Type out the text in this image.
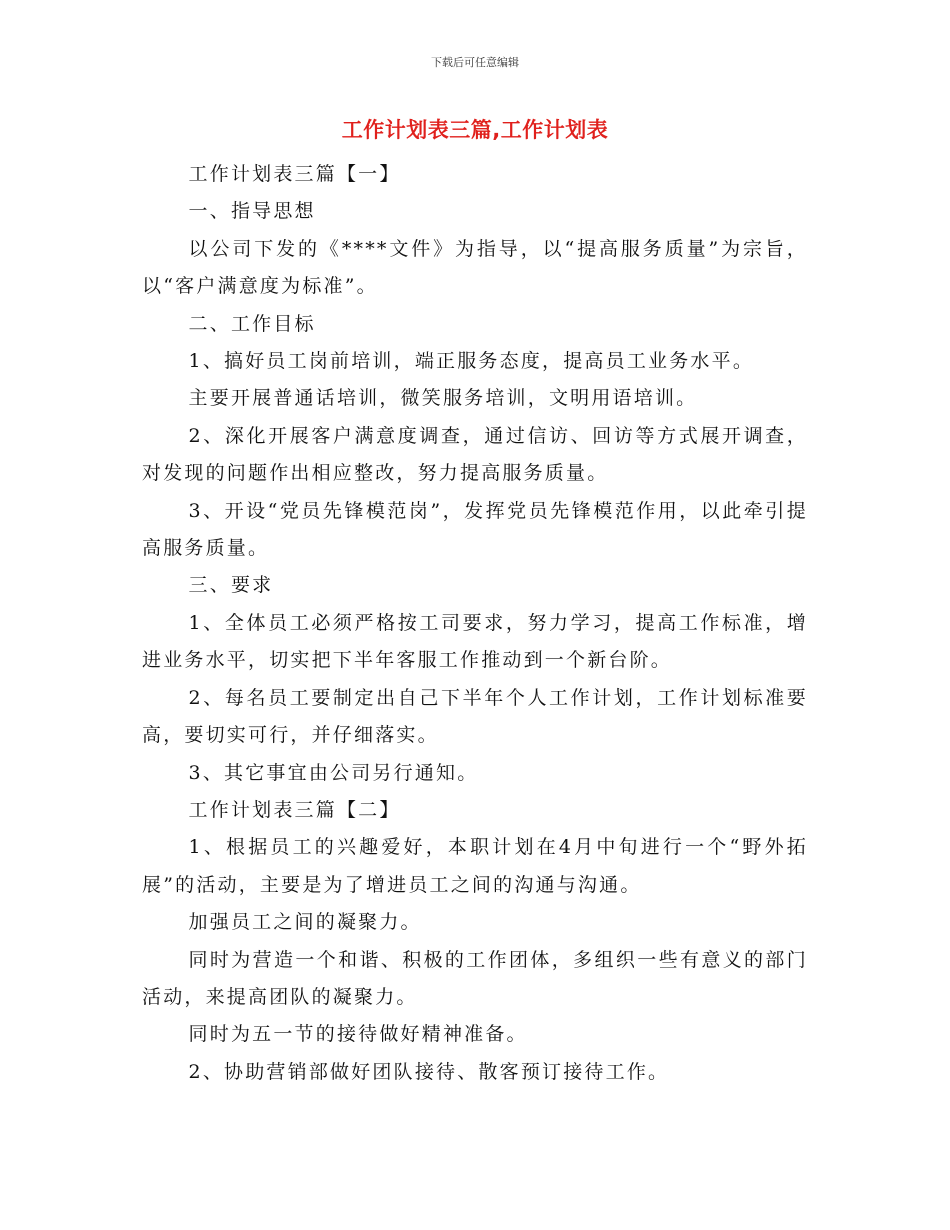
下载后可任意编辑
工作计划表三篇,工作计划表

工作计划表三篇【一】

一、指导思想

以公司下发的《****文件》为指导，以“提高服务质量”为宗旨，以“客户满意度为标准”。

二、工作目标

1、搞好员工岗前培训，端正服务态度，提高员工业务水平。

主要开展普通话培训，微笑服务培训，文明用语培训。

2、深化开展客户满意度调查，通过信访、回访等方式展开调查，对发现的问题作出相应整改，努力提高服务质量。

3、开设“党员先锋模范岗”，发挥党员先锋模范作用，以此牵引提高服务质量。

三、要求

1、全体员工必须严格按工司要求，努力学习，提高工作标准，增进业务水平，切实把下半年客服工作推动到一个新台阶。

2、每名员工要制定出自己下半年个人工作计划，工作计划标准要高，要切实可行，并仔细落实。

3、其它事宜由公司另行通知。

工作计划表三篇【二】

1、根据员工的兴趣爱好，本职计划在4月中旬进行一个“野外拓展”的活动，主要是为了增进员工之间的沟通与沟通。

加强员工之间的凝聚力。

同时为营造一个和谐、积极的工作团体，多组织一些有意义的部门活动，来提高团队的凝聚力。

同时为五一节的接待做好精神准备。

2、协助营销部做好团队接待、散客预订接待工作。
